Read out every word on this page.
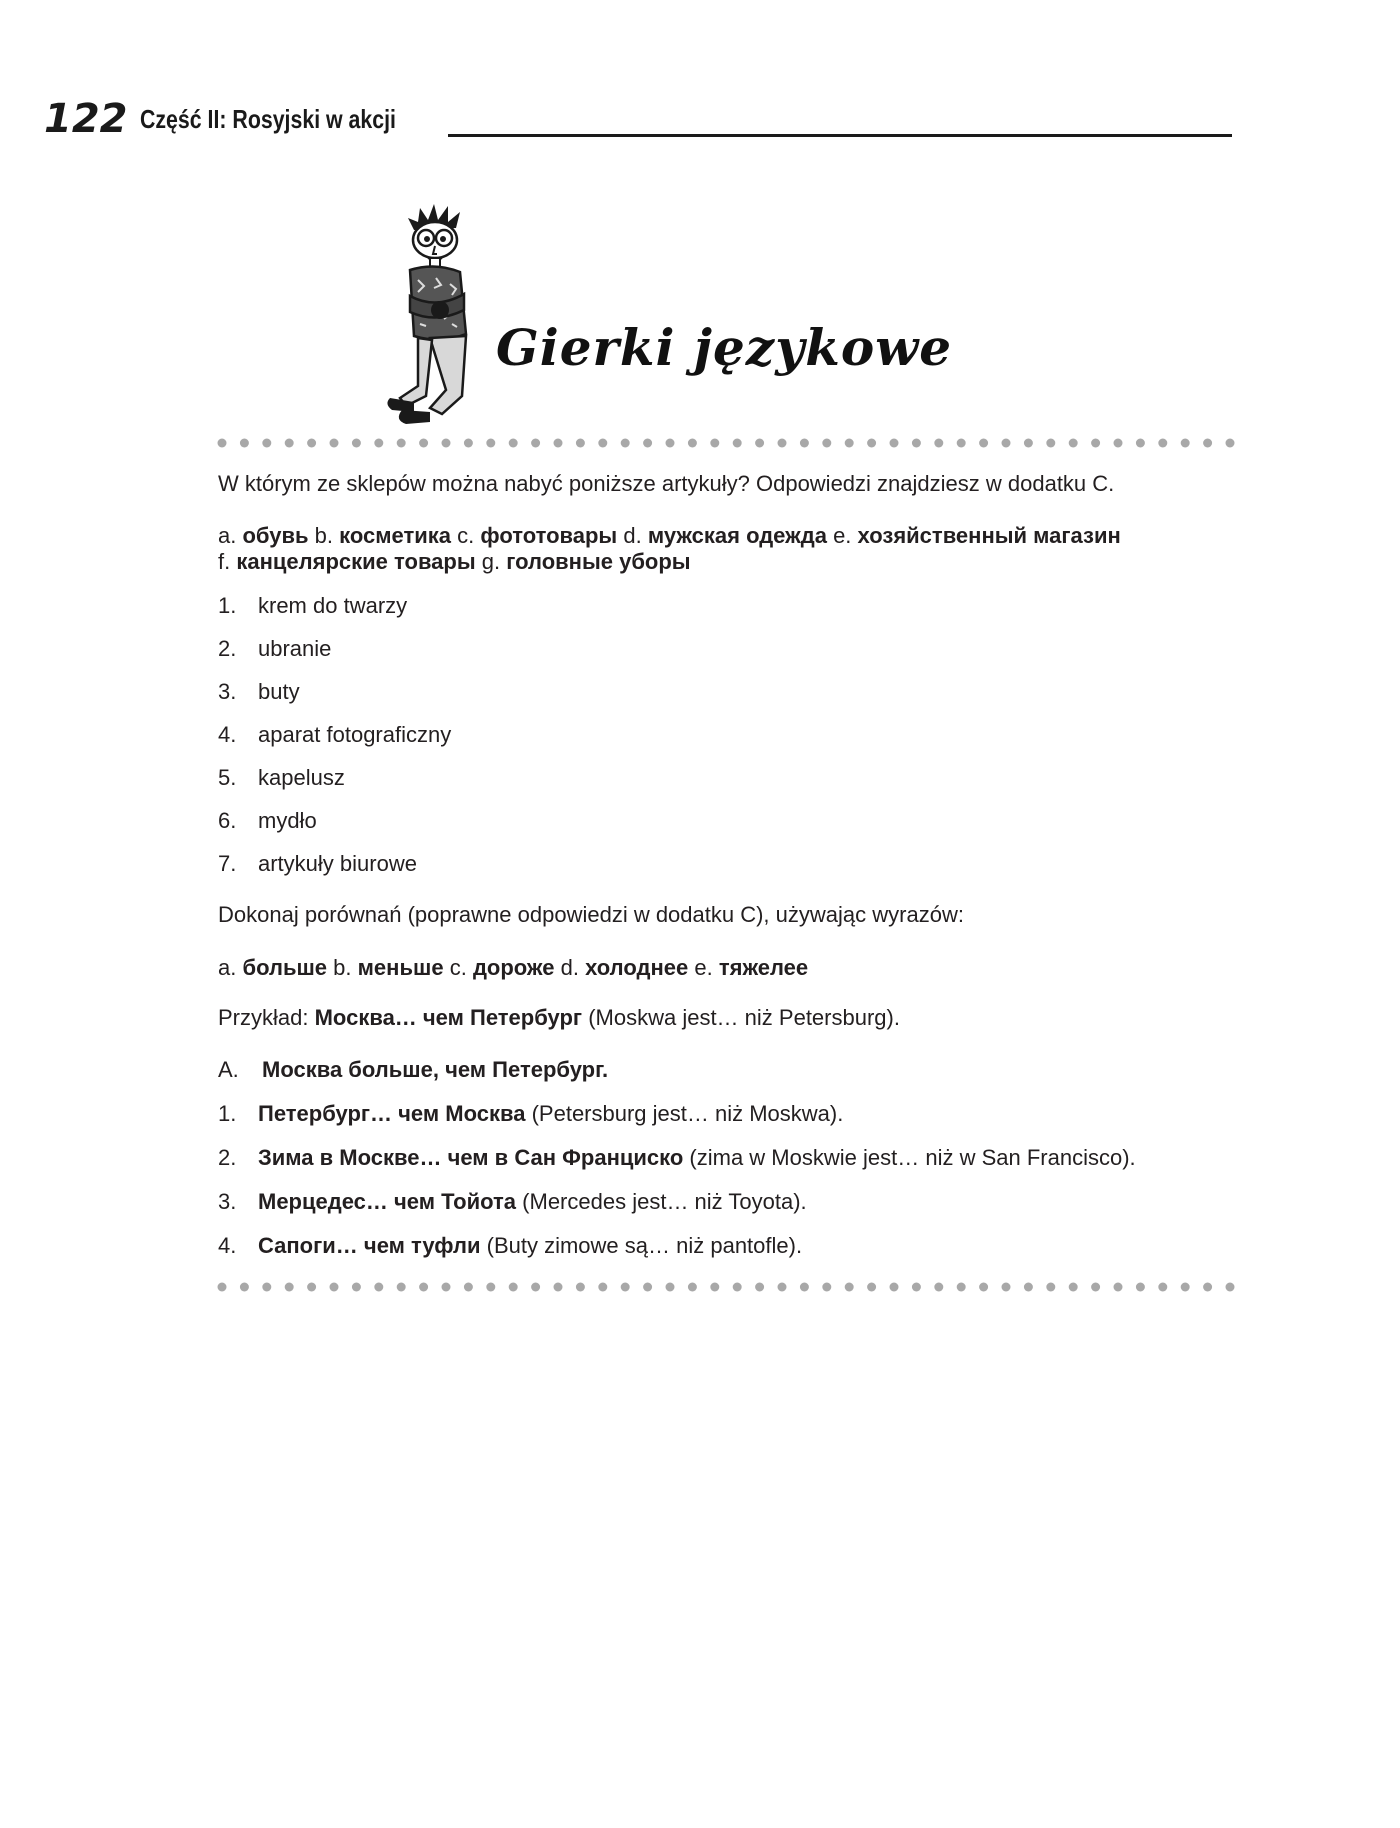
122 Część II: Rosyjski w akcji
Gierki językowe
W którym ze sklepów można nabyć poniższe artykuły? Odpowiedzi znajdziesz w dodatku C.
a. обувь b. косметика c. фототовары d. мужская одежда e. хозяйственный магазин
f. канцелярские товары g. головные уборы
1. krem do twarzy
2. ubranie
3. buty
4. aparat fotograficzny
5. kapelusz
6. mydło
7. artykuły biurowe
Dokonaj porównań (poprawne odpowiedzi w dodatku C), używając wyrazów:
a. больше b. меньше c. дороже d. холоднее e. тяжелее
Przykład: Москва… чем Петербург (Moskwa jest… niż Petersburg).
A. Москва больше, чем Петербург.
1. Петербург… чем Москва (Petersburg jest… niż Moskwa).
2. Зима в Москве… чем в Сан Франциско (zima w Moskwie jest… niż w San Francisco).
3. Мерцедес… чем Тойота (Mercedes jest… niż Toyota).
4. Сапоги… чем туфли (Buty zimowe są… niż pantofle).
